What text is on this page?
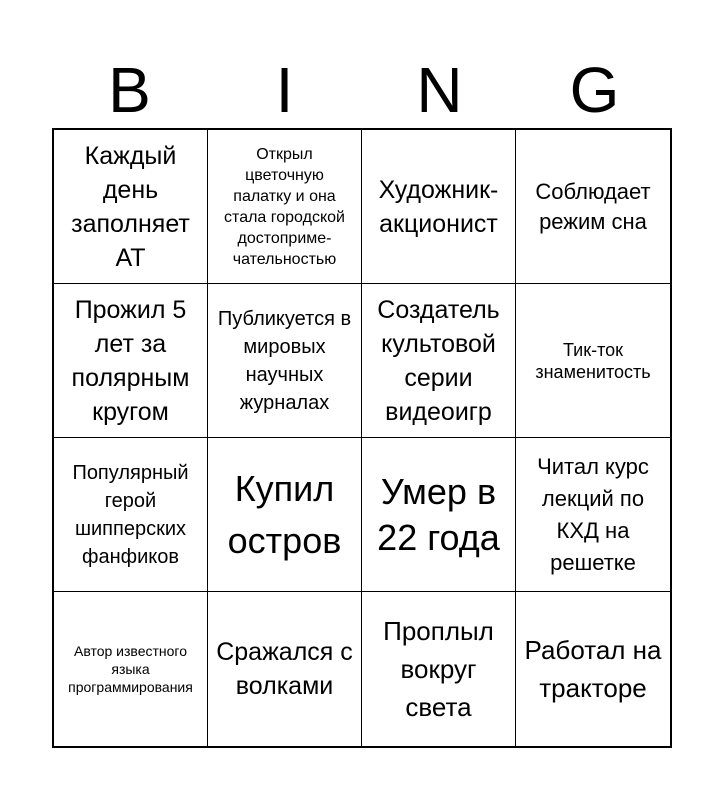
B	I	N	G
Каждый день заполняет АТ
Открыл цветочную палатку и она стала городской достоприме-чательностью
Художник-акционист
Соблюдает режим сна
Прожил 5 лет за полярным кругом
Публикуется в мировых научных журналах
Создатель культовой серии видеоигр
Тик-ток знаменитость
Популярный герой шипперских фанфиков
Купил остров
Умер в 22 года
Читал курс лекций по КХД на решетке
Автор известного языка программирования
Сражался с волками
Проплыл вокруг света
Работал на тракторе
